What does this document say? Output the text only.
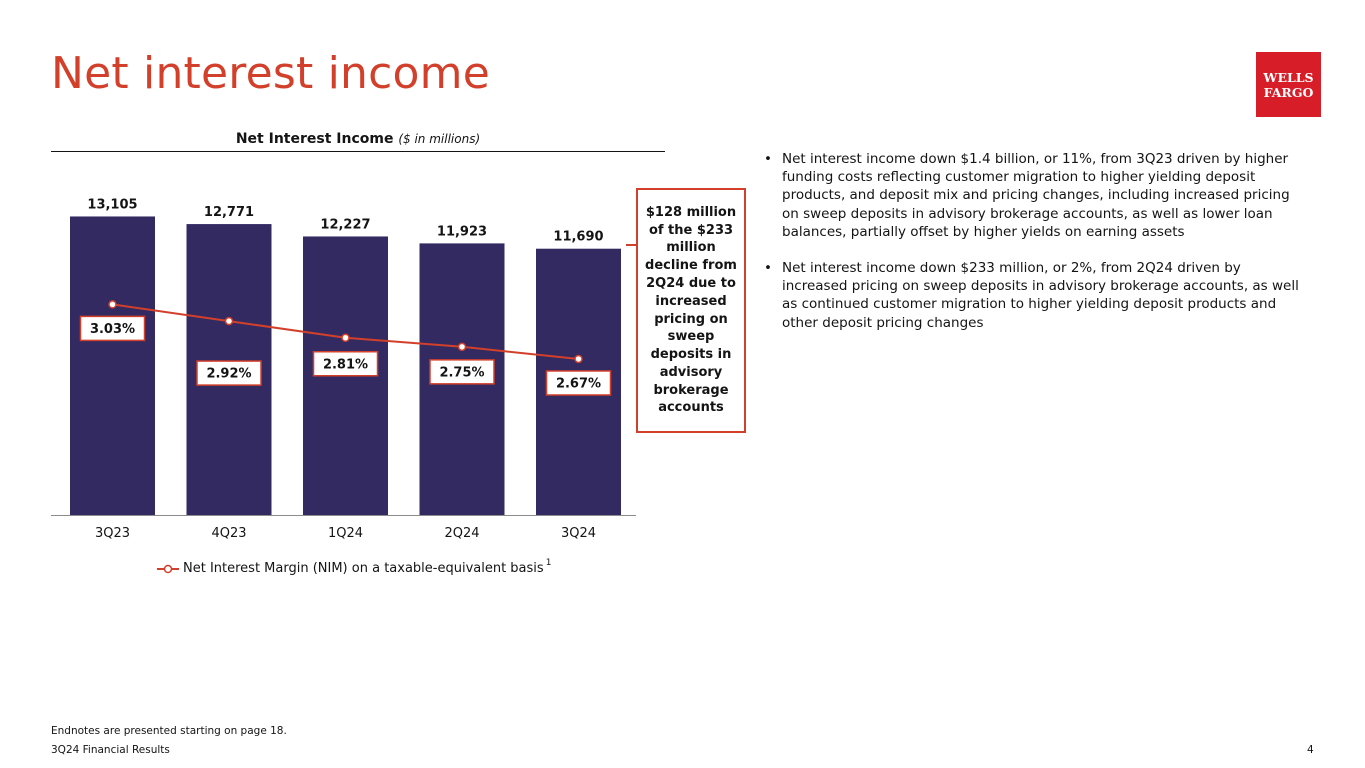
Net interest income	WELLS
FARGO
Net Interest Income ($ in millions)
13,105
3Q23
12,771
4Q23
12,227
1Q24
11,923
2Q24
11,690
3Q24
3.03%
2.92%
2.81%
2.75%
2.67%
Net Interest Margin (NIM) on a taxable-equivalent basis$^1$
$128 million of the $233 million decline from 2Q24 due to increased pricing on sweep deposits in advisory brokerage accounts
• Net interest income down $1.4 billion, or 11%, from 3Q23 driven by higher funding costs reflecting customer migration to higher yielding deposit products, and deposit mix and pricing changes, including increased pricing on sweep deposits in advisory brokerage accounts, as well as lower loan balances, partially offset by higher yields on earning assets
• Net interest income down $233 million, or 2%, from 2Q24 driven by increased pricing on sweep deposits in advisory brokerage accounts, as well as continued customer migration to higher yielding deposit products and other deposit pricing changes
Endnotes are presented starting on page 18.
3Q24 Financial Results	4
